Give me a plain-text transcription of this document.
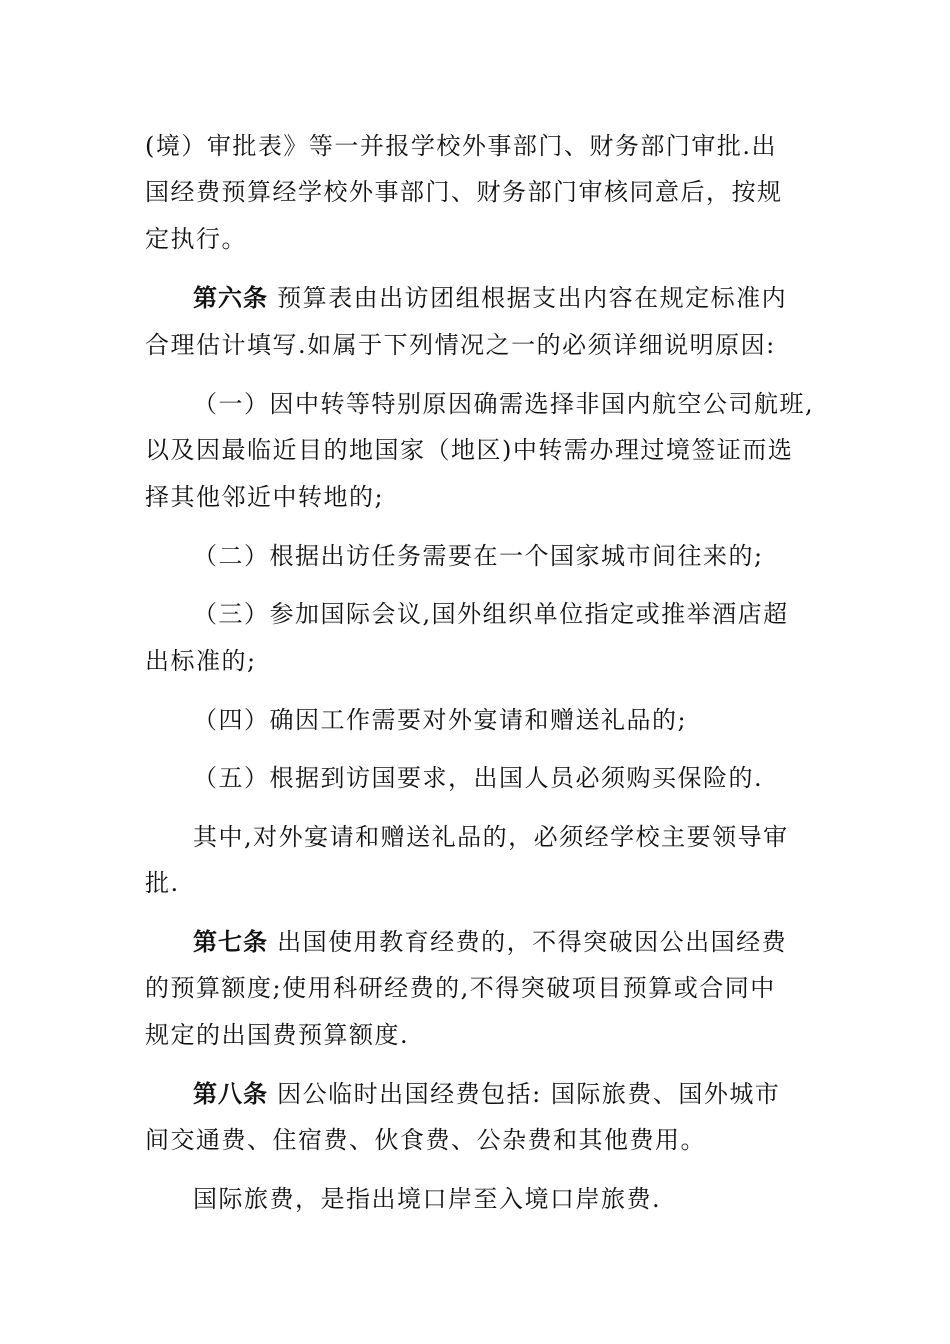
(境）审批表》等一并报学校外事部门、财务部门审批.出
国经费预算经学校外事部门、财务部门审核同意后，按规
定执行。
第六条 预算表由出访团组根据支出内容在规定标准内
合理估计填写.如属于下列情况之一的必须详细说明原因:
（一）因中转等特别原因确需选择非国内航空公司航班,
以及因最临近目的地国家（地区)中转需办理过境签证而选
择其他邻近中转地的;
（二）根据出访任务需要在一个国家城市间往来的;
（三）参加国际会议,国外组织单位指定或推举酒店超
出标准的;
（四）确因工作需要对外宴请和赠送礼品的;
（五）根据到访国要求，出国人员必须购买保险的.
其中,对外宴请和赠送礼品的，必须经学校主要领导审
批.
第七条 出国使用教育经费的，不得突破因公出国经费
的预算额度;使用科研经费的,不得突破项目预算或合同中
规定的出国费预算额度.
第八条 因公临时出国经费包括: 国际旅费、国外城市
间交通费、住宿费、伙食费、公杂费和其他费用。
国际旅费，是指出境口岸至入境口岸旅费.
